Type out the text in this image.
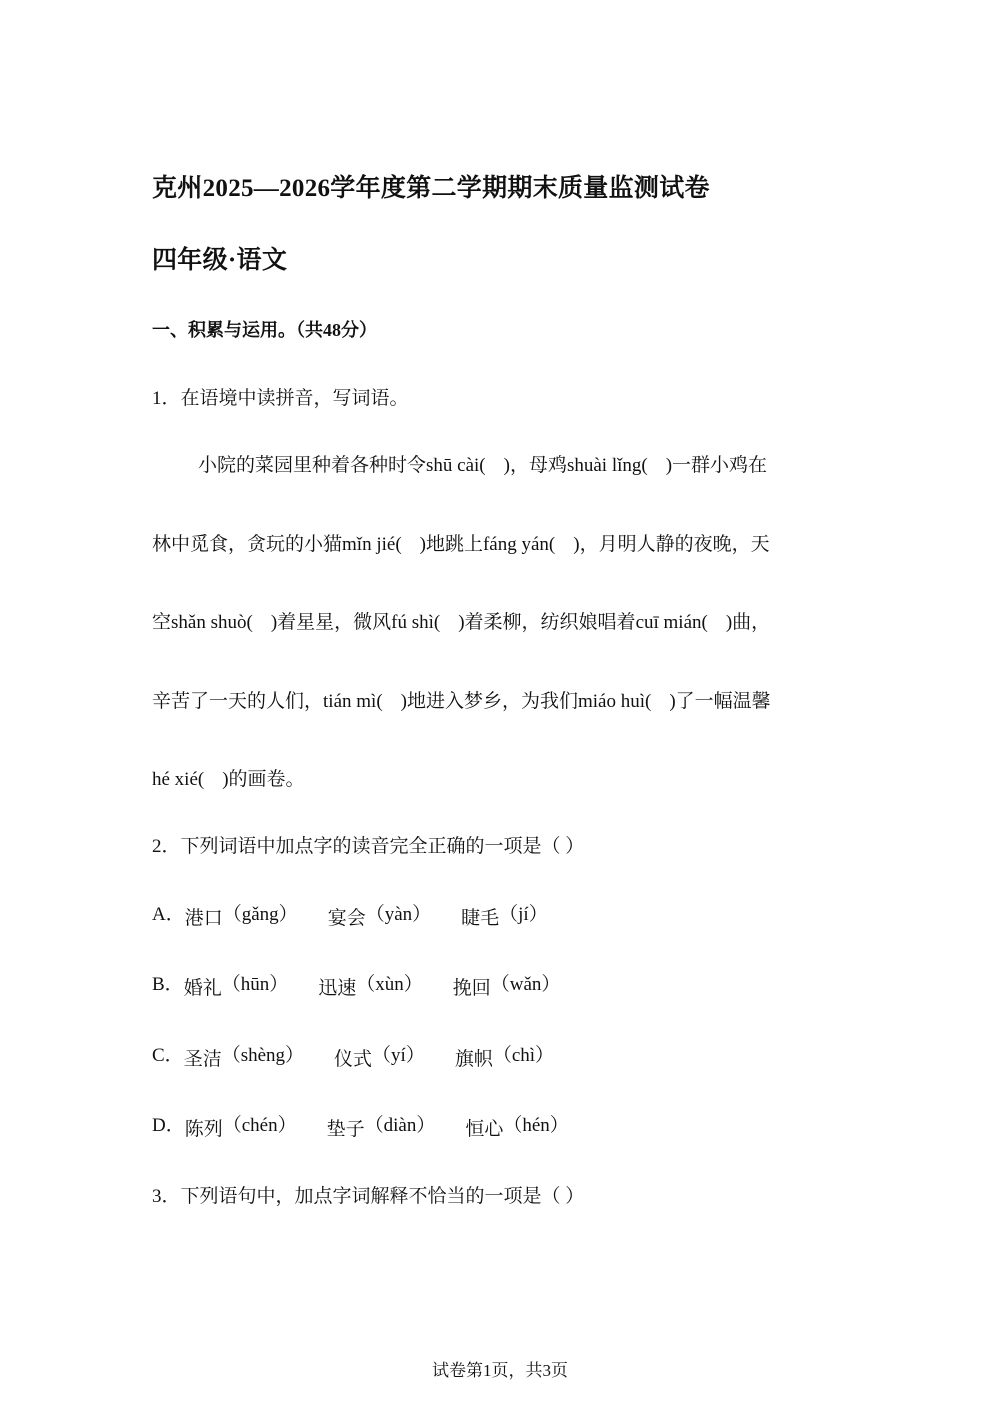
克州2025—2026学年度第二学期期末质量监测试卷
四年级·语文
一、积累与运用。（共48分）
1．在语境中读拼音，写词语。
小院的菜园里种着各种时令shū cài( )，母鸡shuài lǐng( )一群小鸡在
林中觅食，贪玩的小猫mǐn jié( )地跳上fáng yán( )，月明人静的夜晚，天
空shǎn shuò( )着星星，微风fú shì( )着柔柳，纺织娘唱着cuī mián( )曲，
辛苦了一天的人们，tián mì( )地进入梦乡，为我们miáo huì( )了一幅温馨
hé xié( )的画卷。
2．下列词语中加点字的读音完全正确的一项是（ ）
A．港口（gǎng） 宴会（yàn） 睫毛（jí）
B．婚礼（hūn） 迅速（xùn） 挽回（wǎn）
C．圣洁（shèng） 仪式（yí） 旗帜（chì）
D．陈列（chén） 垫子（diàn） 恒心（hén）
3．下列语句中，加点字词解释不恰当的一项是（ ）
试卷第1页，共3页
